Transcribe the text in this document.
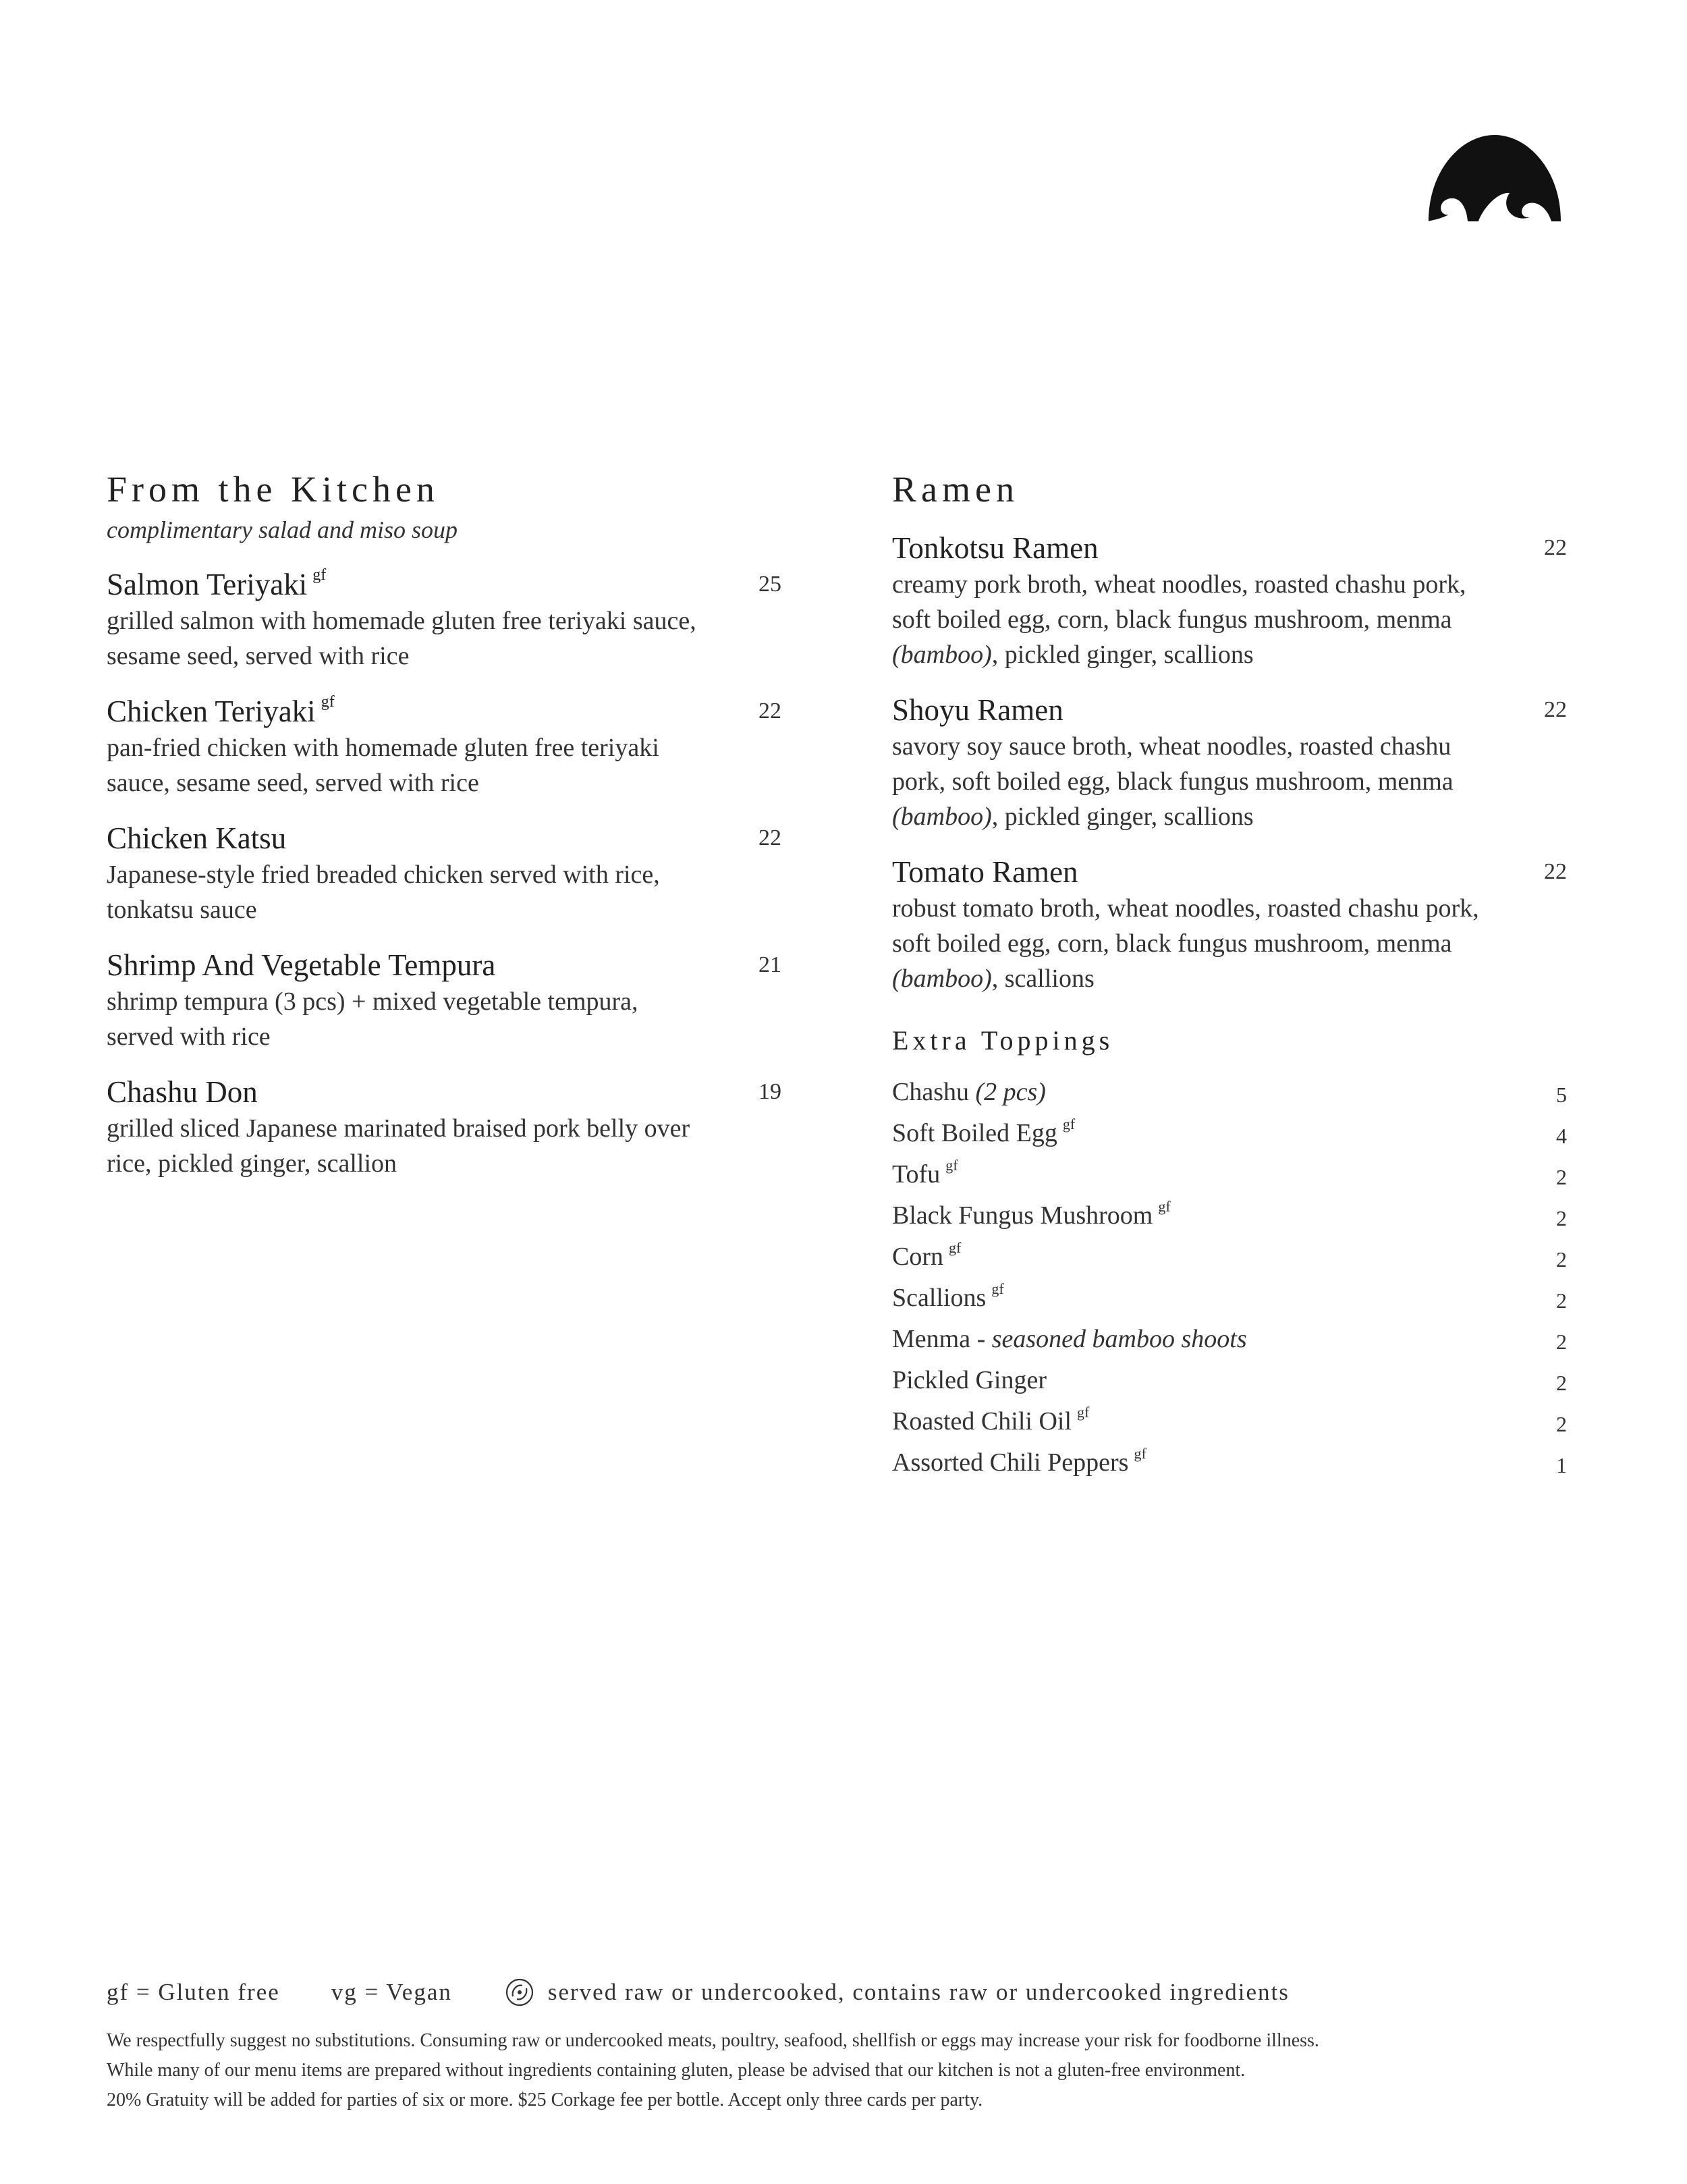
From the Kitchen
complimentary salad and miso soup
Salmon Teriyaki $^{gf}$	25
grilled salmon with homemade gluten free teriyaki sauce, sesame seed, served with rice
Chicken Teriyaki $^{gf}$	22
pan-fried chicken with homemade gluten free teriyaki sauce, sesame seed, served with rice
Chicken Katsu	22
Japanese-style fried breaded chicken served with rice, tonkatsu sauce
Shrimp And Vegetable Tempura	21
shrimp tempura (3 pcs) + mixed vegetable tempura, served with rice
Chashu Don	19
grilled sliced Japanese marinated braised pork belly over rice, pickled ginger, scallion
Ramen
Tonkotsu Ramen	22
creamy pork broth, wheat noodles, roasted chashu pork, soft boiled egg, corn, black fungus mushroom, menma (bamboo), pickled ginger, scallions
Shoyu Ramen	22
savory soy sauce broth, wheat noodles, roasted chashu pork, soft boiled egg, black fungus mushroom, menma (bamboo), pickled ginger, scallions
Tomato Ramen	22
robust tomato broth, wheat noodles, roasted chashu pork, soft boiled egg, corn, black fungus mushroom, menma (bamboo), scallions
Extra Toppings
Chashu (2 pcs)	5
Soft Boiled Egg $^{gf}$	4
Tofu $^{gf}$	2
Black Fungus Mushroom $^{gf}$	2
Corn $^{gf}$	2
Scallions $^{gf}$	2
Menma - seasoned bamboo shoots	2
Pickled Ginger	2
Roasted Chili Oil $^{gf}$	2
Assorted Chili Peppers $^{gf}$	1
gf = Gluten free vg = Vegan	served raw or undercooked, contains raw or undercooked ingredients
We respectfully suggest no substitutions. Consuming raw or undercooked meats, poultry, seafood, shellfish or eggs may increase your risk for foodborne illness.
While many of our menu items are prepared without ingredients containing gluten, please be advised that our kitchen is not a gluten-free environment.
20% Gratuity will be added for parties of six or more. $25 Corkage fee per bottle. Accept only three cards per party.
